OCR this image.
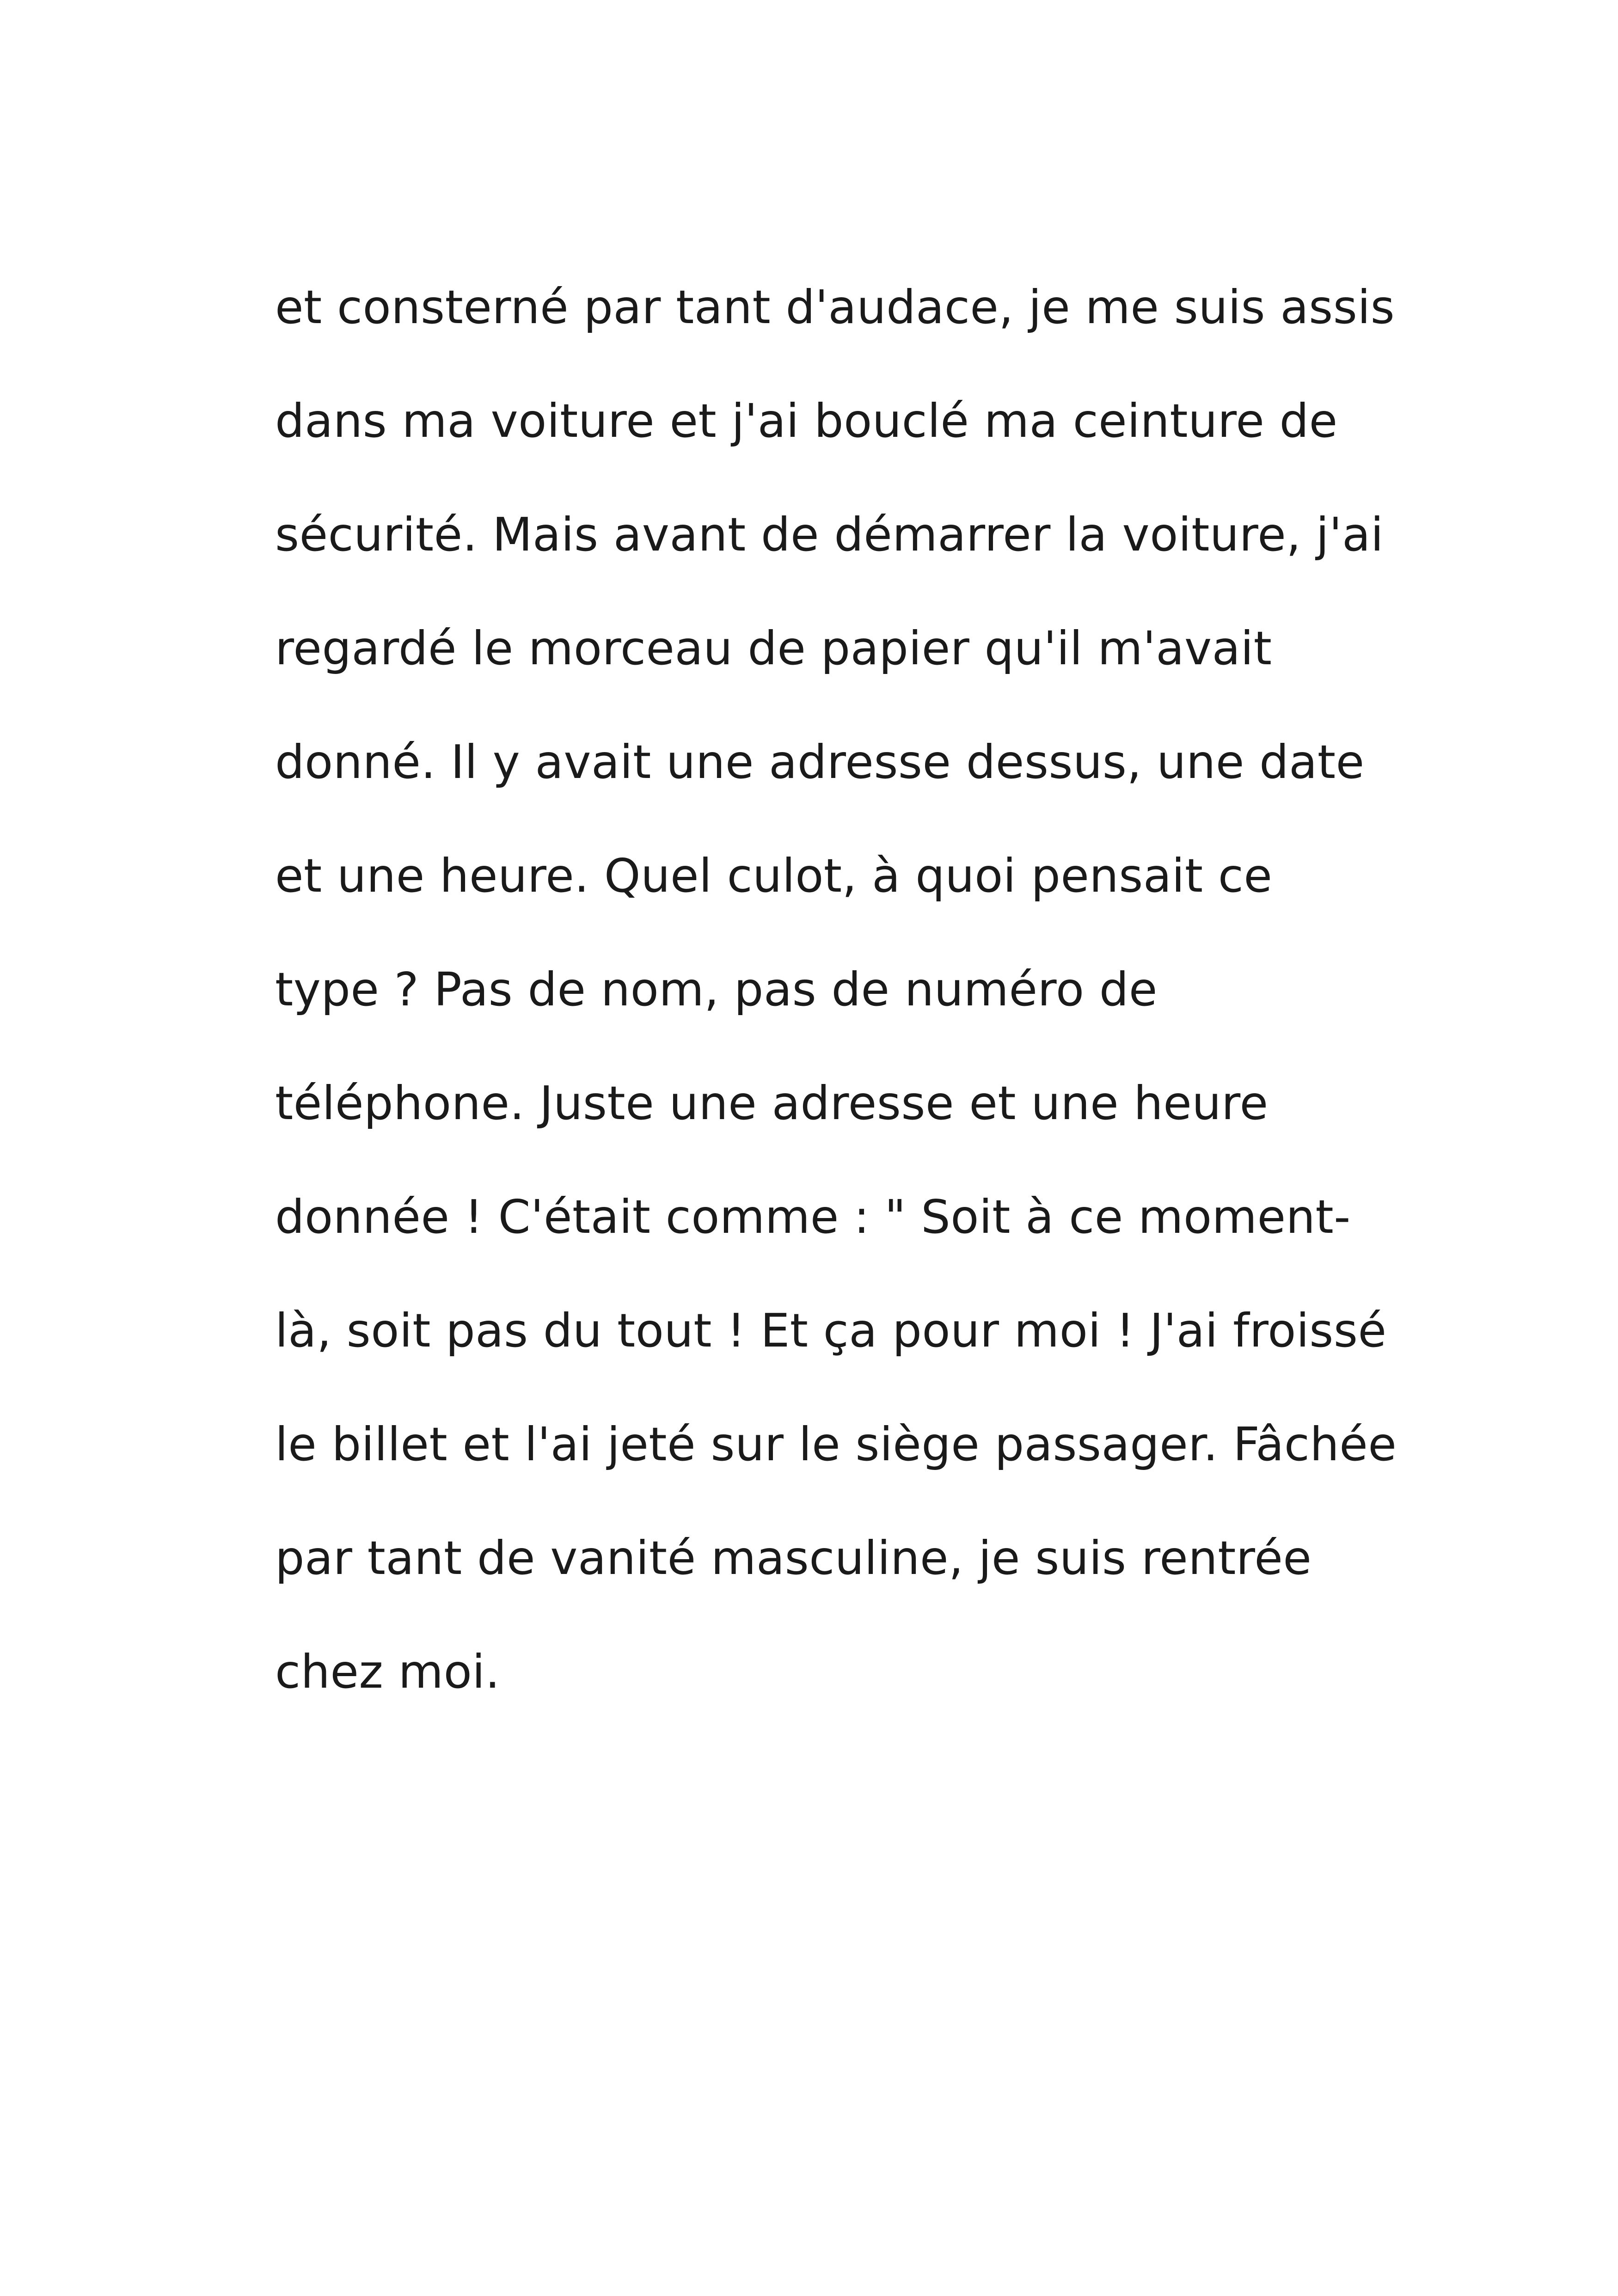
et consterné par tant d'audace, je me suis assis
dans ma voiture et j'ai bouclé ma ceinture de
sécurité. Mais avant de démarrer la voiture, j'ai
regardé le morceau de papier qu'il m'avait
donné. Il y avait une adresse dessus, une date
et une heure. Quel culot, à quoi pensait ce
type ? Pas de nom, pas de numéro de
téléphone. Juste une adresse et une heure
donnée ! C'était comme : " Soit à ce moment-
là, soit pas du tout ! Et ça pour moi ! J'ai froissé
le billet et l'ai jeté sur le siège passager. Fâchée
par tant de vanité masculine, je suis rentrée
chez moi.
